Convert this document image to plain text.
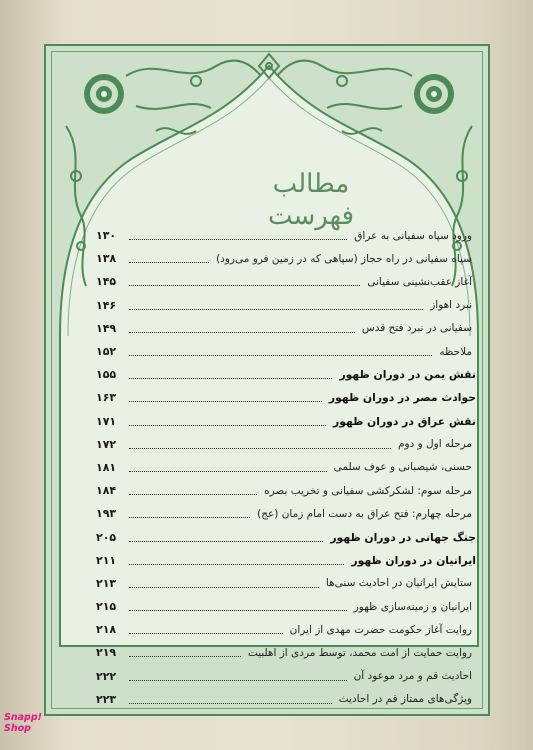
مطالب
فهرست
ورود سپاه سفیانی به عراق
۱۳۰
سپاه سفیانی در راه حجاز (سپاهی که در زمین فرو می‌رود)
۱۳۸
آغاز عقب‌نشینی سفیانی
۱۴۵
نبرد اهواز
۱۴۶
سفیانی در نبرد فتح قدس
۱۴۹
ملاحظه
۱۵۲
نقش یمن در دوران ظهور
۱۵۵
حوادث مصر در دوران ظهور
۱۶۳
نقش عراق در دوران ظهور
۱۷۱
مرحله اول و دوم
۱۷۲
حسنی، شیصبانی و عوف سلمی
۱۸۱
مرحله سوم: لشکرکشی سفیانی و تخریب بصره
۱۸۴
مرحله چهارم: فتح عراق به دست امام زمان (عج)
۱۹۳
جنگ جهانی در دوران ظهور
۲۰۵
ایرانیان در دوران ظهور
۲۱۱
ستایش ایرانیان در احادیث سنی‌ها
۲۱۳
ایرانیان و زمینه‌سازی ظهور
۲۱۵
روایت آغاز حکومت حضرت مهدی از ایران
۲۱۸
روایت حمایت از امت محمد، توسط مردی از اهلبیت
۲۱۹
احادیث قم و مرد موعود آن
۲۲۲
ویژگی‌های ممتاز قم در احادیث
۲۲۳
Snapp!
Shop
